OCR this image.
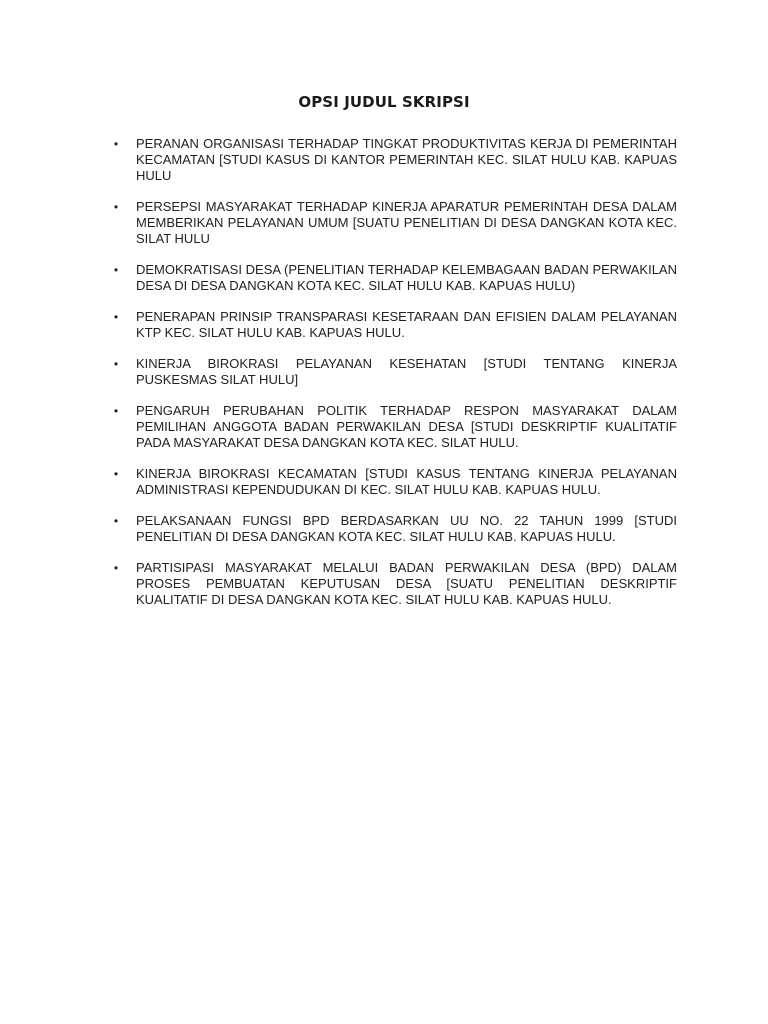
OPSI JUDUL SKRIPSI
• PERANAN ORGANISASI TERHADAP TINGKAT PRODUKTIVITAS KERJA DI PEMERINTAH KECAMATAN [STUDI KASUS DI KANTOR PEMERINTAH KEC. SILAT HULU KAB. KAPUAS HULU
• PERSEPSI MASYARAKAT TERHADAP KINERJA APARATUR PEMERINTAH DESA DALAM MEMBERIKAN PELAYANAN UMUM [SUATU PENELITIAN DI DESA DANGKAN KOTA KEC. SILAT HULU
• DEMOKRATISASI DESA (PENELITIAN TERHADAP KELEMBAGAAN BADAN PERWAKILAN DESA DI DESA DANGKAN KOTA KEC. SILAT HULU KAB. KAPUAS HULU)
• PENERAPAN PRINSIP TRANSPARASI KESETARAAN DAN EFISIEN DALAM PELAYANAN KTP KEC. SILAT HULU KAB. KAPUAS HULU.
• KINERJA BIROKRASI PELAYANAN KESEHATAN [STUDI TENTANG KINERJA PUSKESMAS SILAT HULU]
• PENGARUH PERUBAHAN POLITIK TERHADAP RESPON MASYARAKAT DALAM PEMILIHAN ANGGOTA BADAN PERWAKILAN DESA [STUDI DESKRIPTIF KUALITATIF PADA MASYARAKAT DESA DANGKAN KOTA KEC. SILAT HULU.
• KINERJA BIROKRASI KECAMATAN [STUDI KASUS TENTANG KINERJA PELAYANAN ADMINISTRASI KEPENDUDUKAN DI KEC. SILAT HULU KAB. KAPUAS HULU.
• PELAKSANAAN FUNGSI BPD BERDASARKAN UU NO. 22 TAHUN 1999 [STUDI PENELITIAN DI DESA DANGKAN KOTA KEC. SILAT HULU KAB. KAPUAS HULU.
• PARTISIPASI MASYARAKAT MELALUI BADAN PERWAKILAN DESA (BPD) DALAM PROSES PEMBUATAN KEPUTUSAN DESA [SUATU PENELITIAN DESKRIPTIF KUALITATIF DI DESA DANGKAN KOTA KEC. SILAT HULU KAB. KAPUAS HULU.
